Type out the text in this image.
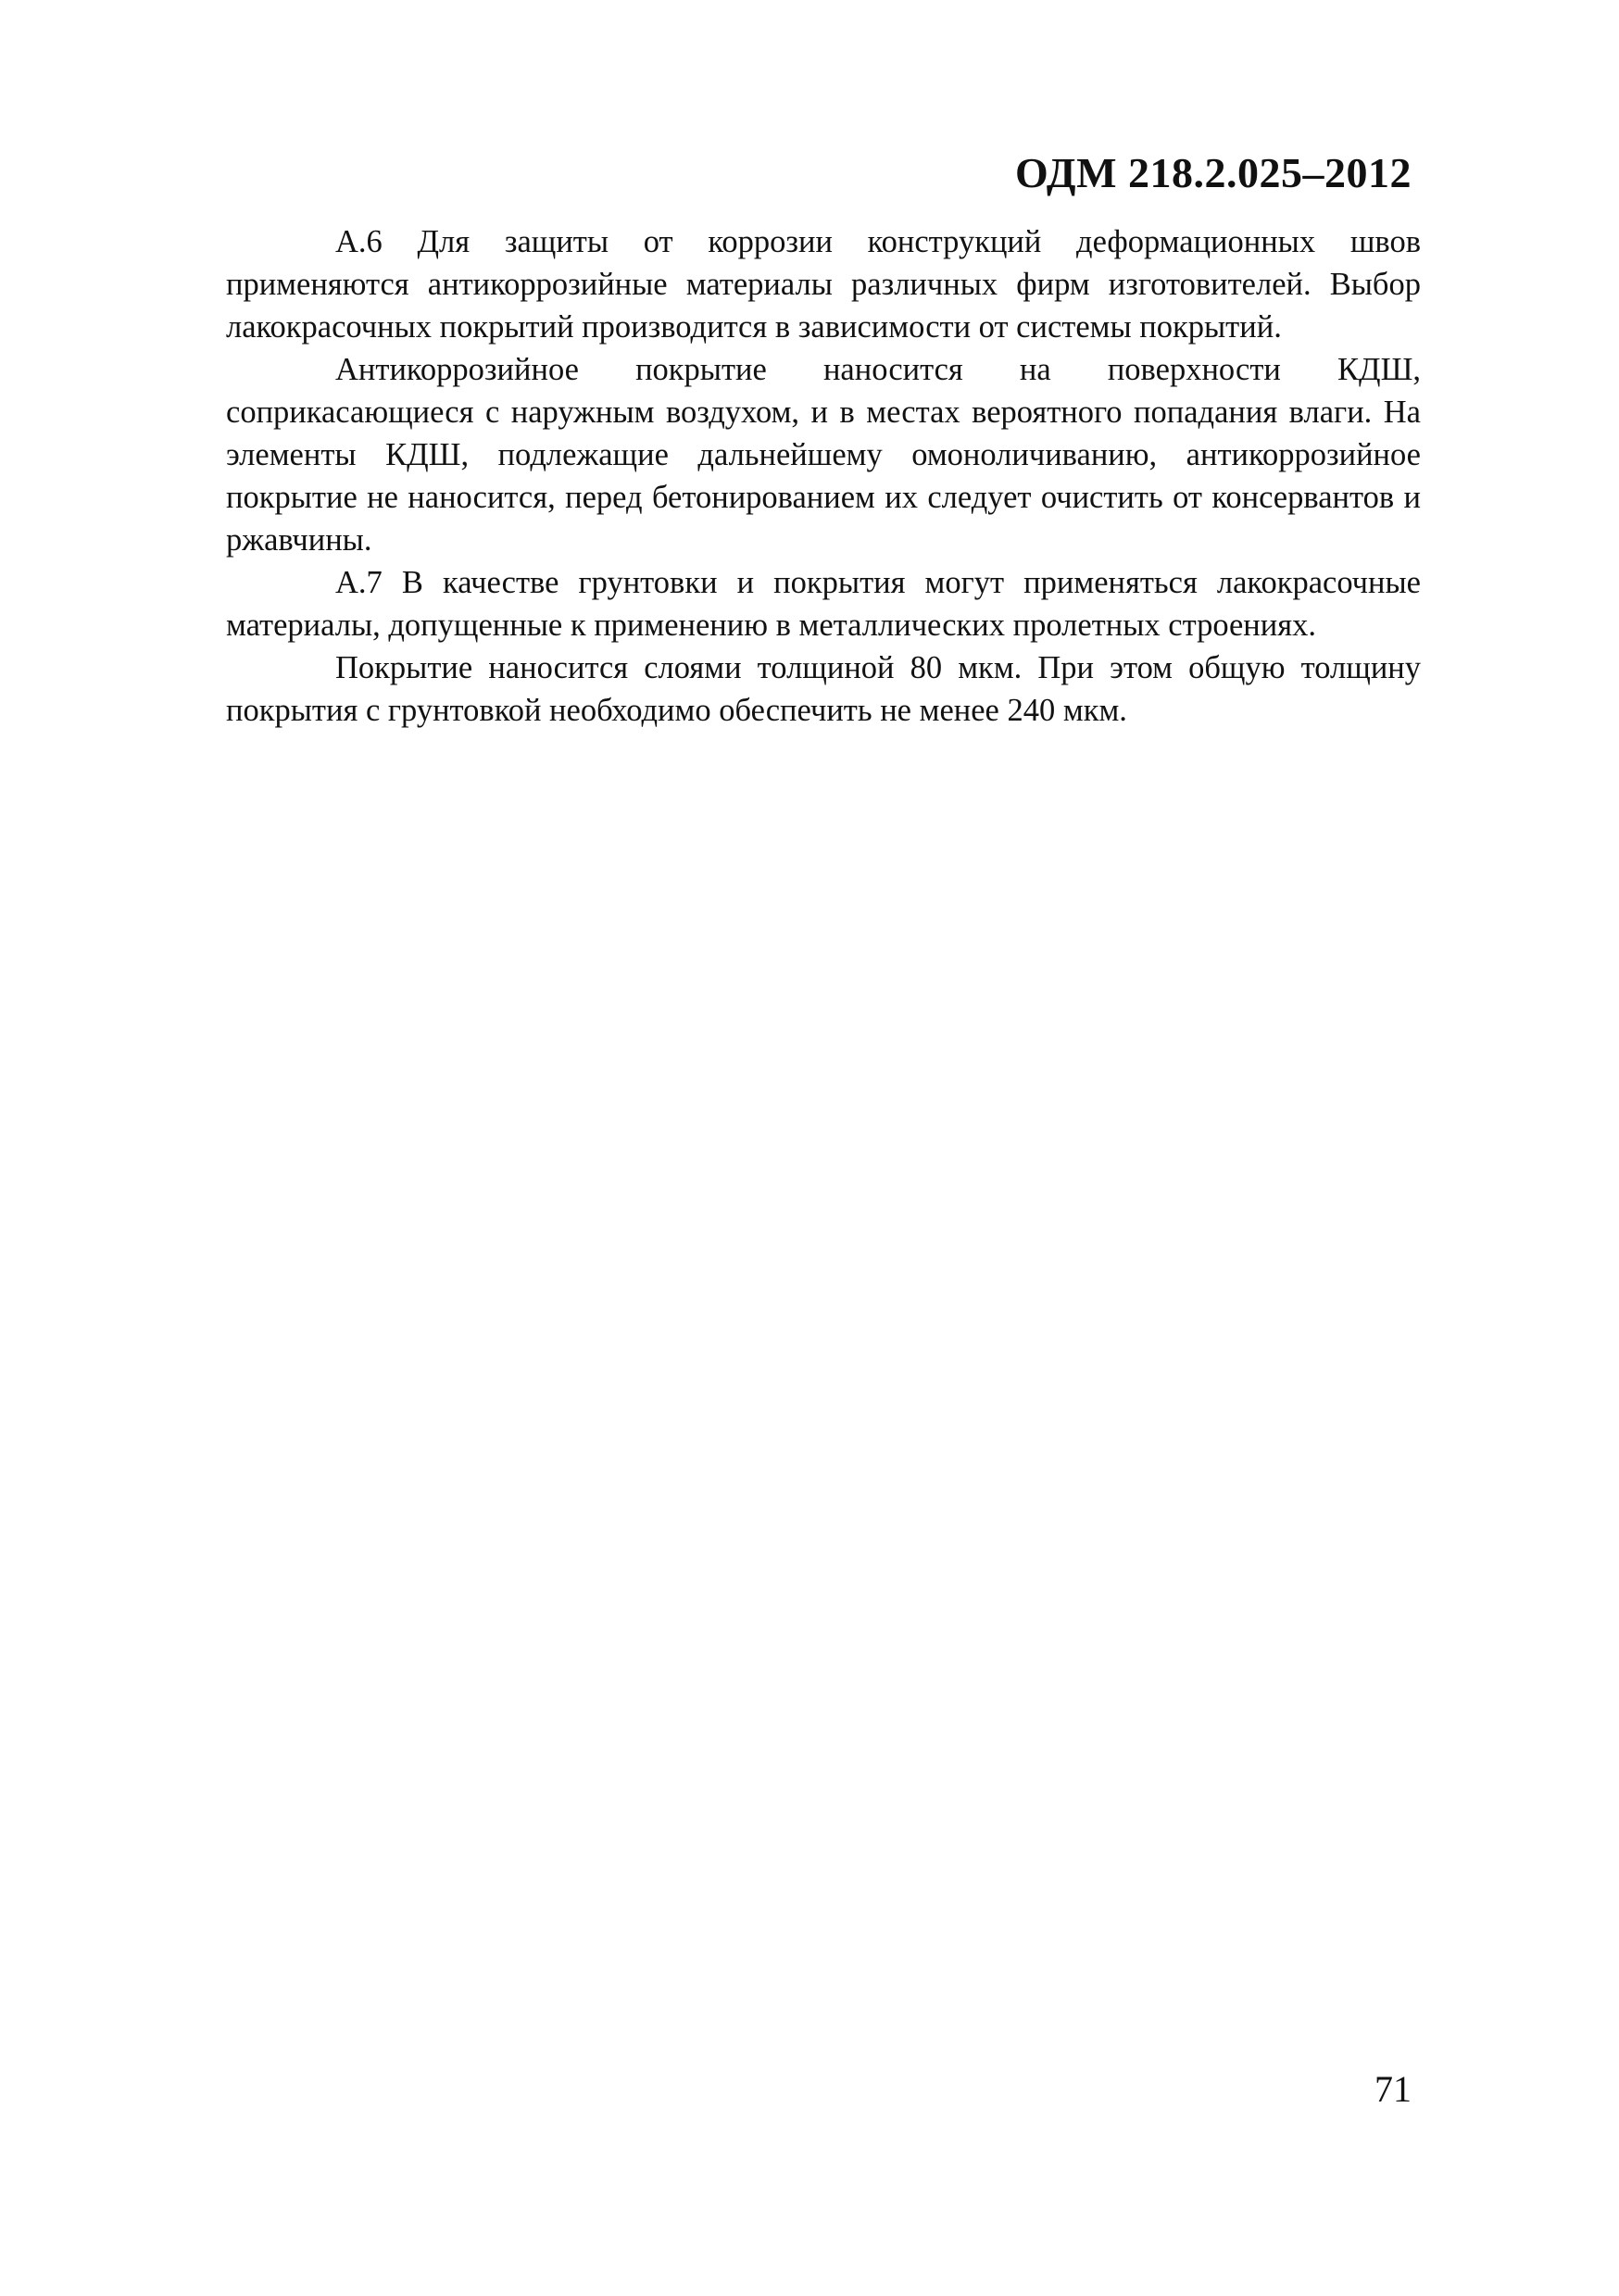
ОДМ 218.2.025–2012

А.6 Для защиты от коррозии конструкций деформационных швов применяются антикоррозийные материалы различных фирм изготовителей. Выбор лакокрасочных покрытий производится в зависимости от системы покрытий.

Антикоррозийное покрытие наносится на поверхности КДШ, соприкасающиеся с наружным воздухом, и в местах вероятного попадания влаги. На элементы КДШ, подлежащие дальнейшему омоноличиванию, антикоррозийное покрытие не наносится, перед бетонированием их следует очистить от консервантов и ржавчины.

А.7 В качестве грунтовки и покрытия могут применяться лакокрасочные материалы, допущенные к применению в металлических пролетных строениях.

Покрытие наносится слоями толщиной 80 мкм. При этом общую толщину покрытия с грунтовкой необходимо обеспечить не менее 240 мкм.

71
